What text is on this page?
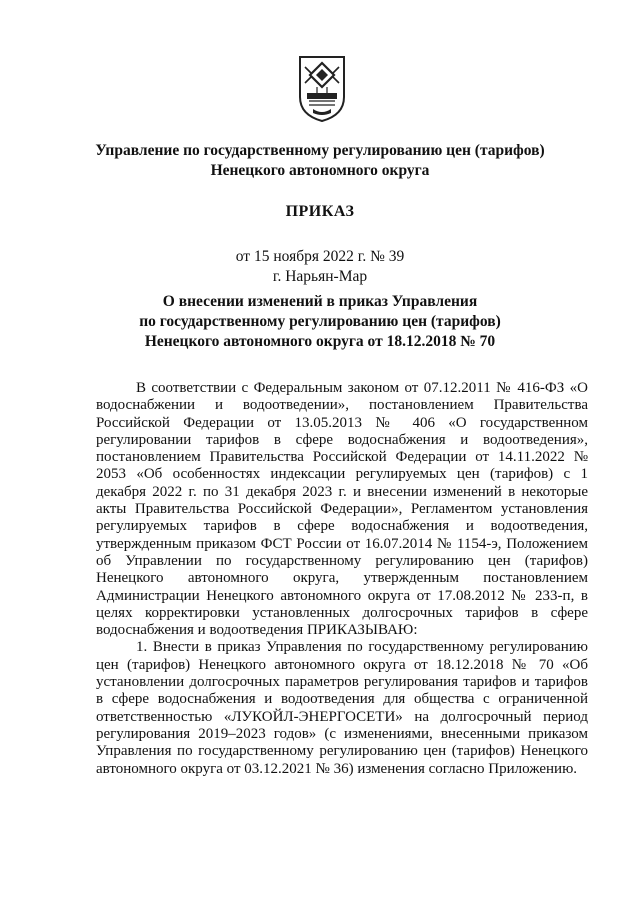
Управление по государственному регулированию цен (тарифов)
Ненецкого автономного округа
ПРИКАЗ
от 15 ноября 2022 г. № 39
г. Нарьян-Мар
О внесении изменений в приказ Управления
по государственному регулированию цен (тарифов)
Ненецкого автономного округа от 18.12.2018 № 70

В соответствии с Федеральным законом от 07.12.2011 № 416-ФЗ «О водоснабжении и водоотведении», постановлением Правительства Российской Федерации от 13.05.2013 № 406 «О государственном регулировании тарифов в сфере водоснабжения и водоотведения», постановлением Правительства Российской Федерации от 14.11.2022 № 2053 «Об особенностях индексации регулируемых цен (тарифов) с 1 декабря 2022 г. по 31 декабря 2023 г. и внесении изменений в некоторые акты Правительства Российской Федерации», Регламентом установления регулируемых тарифов в сфере водоснабжения и водоотведения, утвержденным приказом ФСТ России от 16.07.2014 № 1154-э, Положением об Управлении по государственному регулированию цен (тарифов) Ненецкого автономного округа, утвержденным постановлением Администрации Ненецкого автономного округа от 17.08.2012 № 233-п, в целях корректировки установленных долгосрочных тарифов в сфере водоснабжения и водоотведения ПРИКАЗЫВАЮ:

1. Внести в приказ Управления по государственному регулированию цен (тарифов) Ненецкого автономного округа от 18.12.2018 № 70 «Об установлении долгосрочных параметров регулирования тарифов и тарифов в сфере водоснабжения и водоотведения для общества с ограниченной ответственностью «ЛУКОЙЛ-ЭНЕРГОСЕТИ» на долгосрочный период регулирования 2019–2023 годов» (с изменениями, внесенными приказом Управления по государственному регулированию цен (тарифов) Ненецкого автономного округа от 03.12.2021 № 36) изменения согласно Приложению.
